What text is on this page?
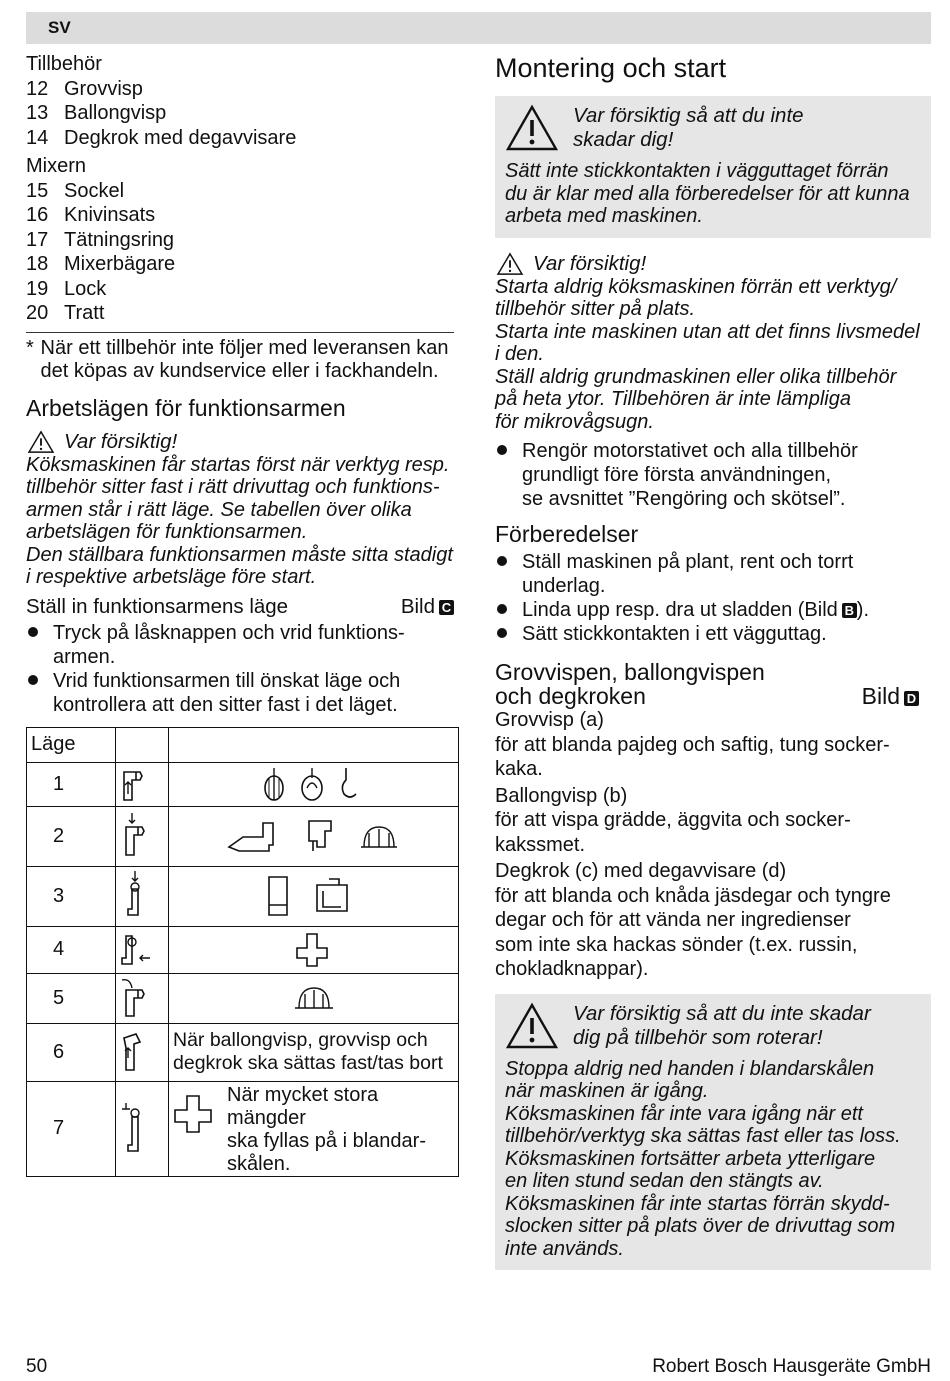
SV
Tillbehör
12 Grovvisp
13 Ballongvisp
14 Degkrok med degavvisare
Mixern
15 Sockel
16 Knivinsats
17 Tätningsring
18 Mixerbägare
19 Lock
20 Tratt
* När ett tillbehör inte följer med leveransen kan det köpas av kundservice eller i fackhandeln.
Arbetslägen för funktionsarmen
Var försiktig!
Köksmaskinen får startas först när verktyg resp.
tillbehör sitter fast i rätt drivuttag och funktions-
armen står i rätt läge. Se tabellen över olika
arbetslägen för funktionsarmen.
Den ställbara funktionsarmen måste sitta stadigt
i respektive arbetsläge före start.
Ställ in funktionsarmens läge	Bild C
Tryck på låsknappen och vrid funktions-
armen.
Vrid funktionsarmen till önskat läge och
kontrollera att den sitter fast i det läget.
Läge		
1	

2	

3	

4	

5	

6		När ballongvisp, grovvisp och
degkrok ska sättas fast/tas bort

7		När mycket stora mängder
ska fyllas på i blandar-
skålen.
Montering och start
Var försiktig så att du inte
skadar dig!
Sätt inte stickkontakten i vägguttaget förrän
du är klar med alla förberedelser för att kunna
arbeta med maskinen.
Var försiktig!
Starta aldrig köksmaskinen förrän ett verktyg/
tillbehör sitter på plats.
Starta inte maskinen utan att det finns livsmedel
i den.
Ställ aldrig grundmaskinen eller olika tillbehör
på heta ytor. Tillbehören är inte lämpliga
för mikrovågsugn.
Rengör motorstativet och alla tillbehör
grundligt före första användningen,
se avsnittet ”Rengöring och skötsel”.
Förberedelser
Ställ maskinen på plant, rent och torrt
underlag.
Linda upp resp. dra ut sladden (Bild B ).
Sätt stickkontakten i ett vägguttag.
Grovvispen, ballongvispen
och degkroken	Bild D
Grovvisp (a)
för att blanda pajdeg och saftig, tung socker-
kaka.
Ballongvisp (b)
för att vispa grädde, äggvita och socker-
kakssmet.
Degkrok (c) med degavvisare (d)
för att blanda och knåda jäsdegar och tyngre
degar och för att vända ner ingredienser
som inte ska hackas sönder (t.ex. russin,
chokladknappar).
Var försiktig så att du inte skadar
dig på tillbehör som roterar!
Stoppa aldrig ned handen i blandarskålen
när maskinen är igång.
Köksmaskinen får inte vara igång när ett
tillbehör/verktyg ska sättas fast eller tas loss.
Köksmaskinen fortsätter arbeta ytterligare
en liten stund sedan den stängts av.
Köksmaskinen får inte startas förrän skydd-
slocken sitter på plats över de drivuttag som
inte används.
50	Robert Bosch Hausgeräte GmbH
